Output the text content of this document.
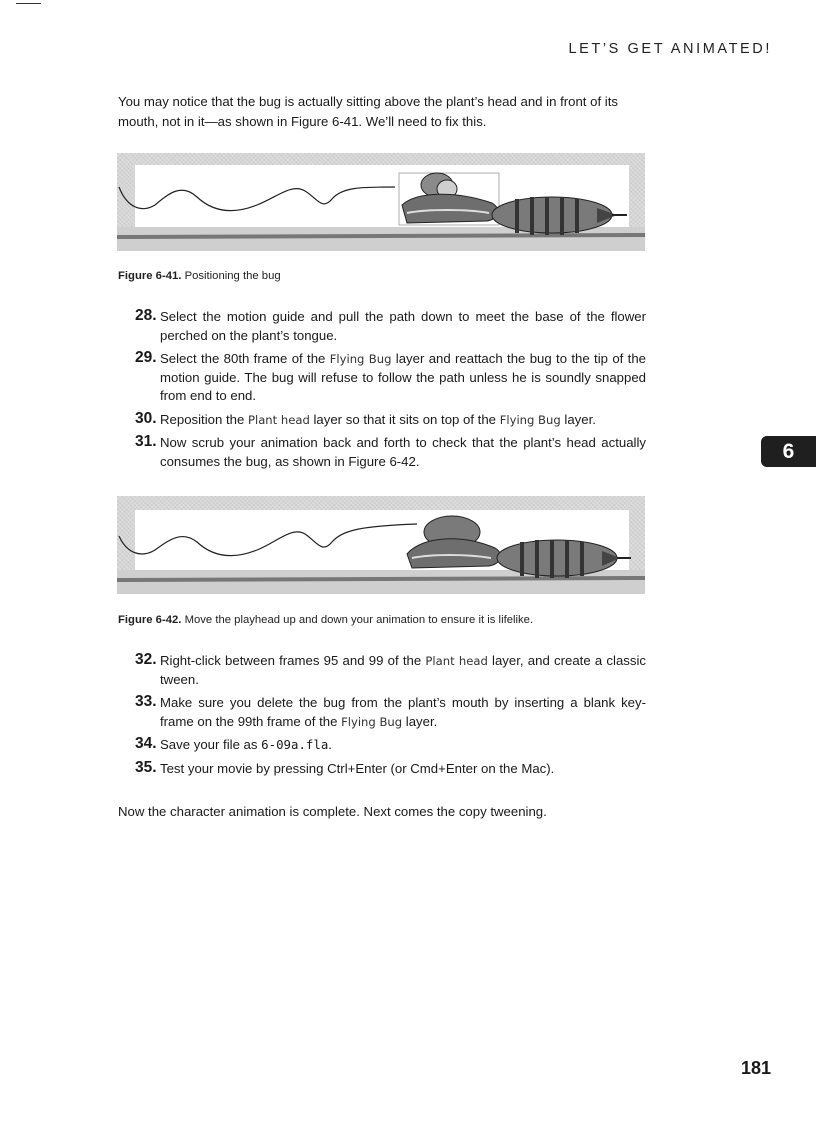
LET’S GET ANIMATED!

You may notice that the bug is actually sitting above the plant’s head and in front of its mouth, not in it—as shown in Figure 6-41. We’ll need to fix this.

Figure 6-41. Positioning the bug

28. Select the motion guide and pull the path down to meet the base of the flower perched on the plant’s tongue.
29. Select the 80th frame of the Flying Bug layer and reattach the bug to the tip of the motion guide. The bug will refuse to follow the path unless he is soundly snapped from end to end.
30. Reposition the Plant head layer so that it sits on top of the Flying Bug layer.
31. Now scrub your animation back and forth to check that the plant’s head actually consumes the bug, as shown in Figure 6-42.

Figure 6-42. Move the playhead up and down your animation to ensure it is lifelike.

32. Right-click between frames 95 and 99 of the Plant head layer, and create a classic tween.
33. Make sure you delete the bug from the plant’s mouth by inserting a blank key-frame on the 99th frame of the Flying Bug layer.
34. Save your file as 6-09a.fla.
35. Test your movie by pressing Ctrl+Enter (or Cmd+Enter on the Mac).

Now the character animation is complete. Next comes the copy tweening.

6
181
